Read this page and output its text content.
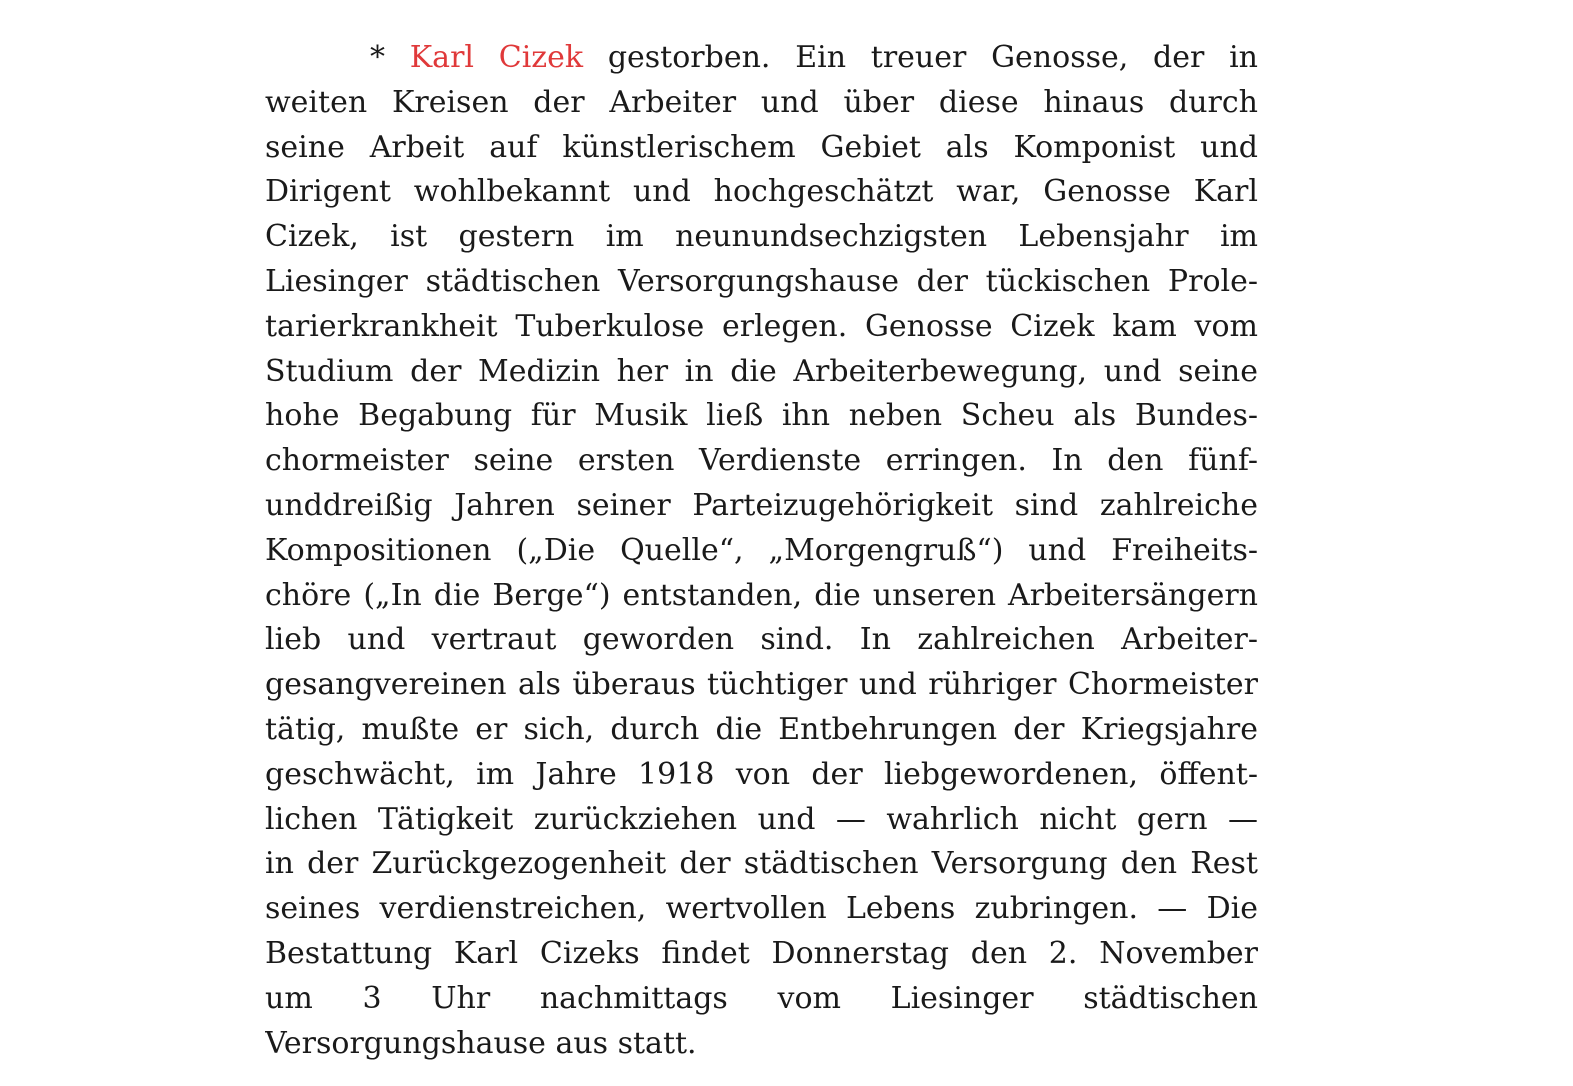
* Karl Cizek gestorben. Ein treuer Genosse, der in
weiten Kreisen der Arbeiter und über diese hinaus durch
seine Arbeit auf künstlerischem Gebiet als Komponist und
Dirigent wohlbekannt und hochgeschätzt war, Genosse Karl
Cizek, ist gestern im neunundsechzigsten Lebensjahr im
Liesinger städtischen Versorgungshause der tückischen Prole-
tarierkrankheit Tuberkulose erlegen. Genosse Cizek kam vom
Studium der Medizin her in die Arbeiterbewegung, und seine
hohe Begabung für Musik ließ ihn neben Scheu als Bundes-
chormeister seine ersten Verdienste erringen. In den fünf-
unddreißig Jahren seiner Parteizugehörigkeit sind zahlreiche
Kompositionen („Die Quelle“, „Morgengruß“) und Freiheits-
chöre („In die Berge“) entstanden, die unseren Arbeitersängern
lieb und vertraut geworden sind. In zahlreichen Arbeiter-
gesangvereinen als überaus tüchtiger und rühriger Chormeister
tätig, mußte er sich, durch die Entbehrungen der Kriegsjahre
geschwächt, im Jahre 1918 von der liebgewordenen, öffent-
lichen Tätigkeit zurückziehen und — wahrlich nicht gern —
in der Zurückgezogenheit der städtischen Versorgung den Rest
seines verdienstreichen, wertvollen Lebens zubringen. — Die
Bestattung Karl Cizeks findet Donnerstag den 2. November
um 3 Uhr nachmittags vom Liesinger städtischen
Versorgungshause aus statt.
